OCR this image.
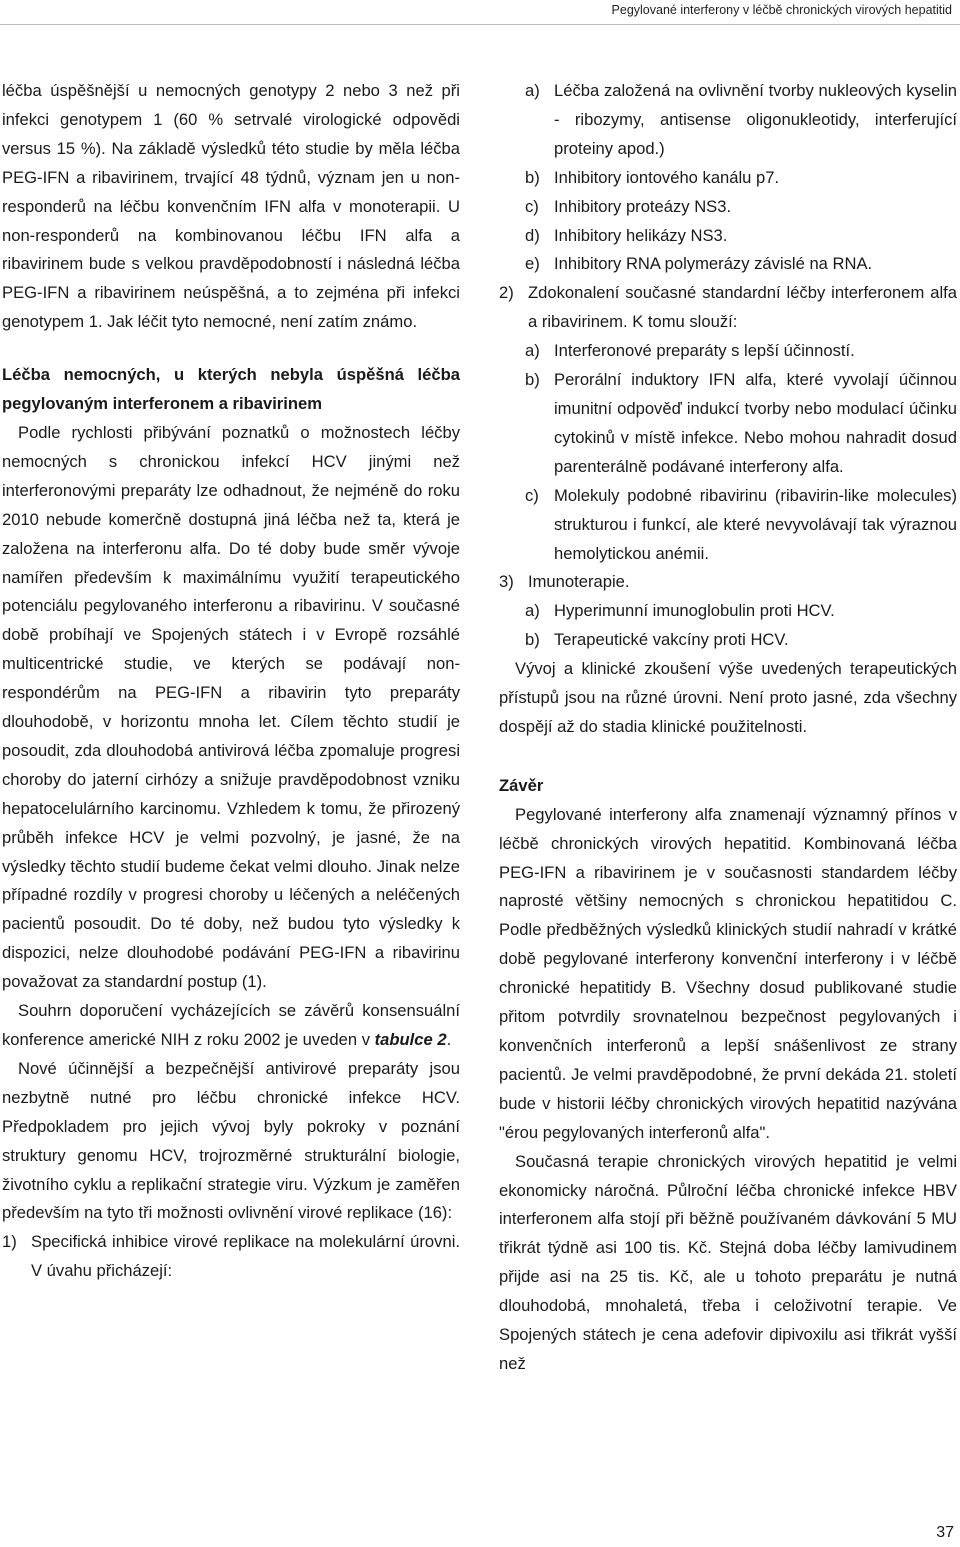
Pegylované interferony v léčbě chronických virových hepatitid

léčba úspěšnější u nemocných genotypy 2 nebo 3 než při infekci genotypem 1 (60 % setrvalé virologické odpovědi versus 15 %). Na základě výsledků této studie by měla léčba PEG-IFN a ribavirinem, trvající 48 týdnů, význam jen u non-responderů na léčbu konvenčním IFN alfa v monoterapii. U non-responderů na kombinovanou léčbu IFN alfa a ribavirinem bude s velkou pravděpodobností i následná léčba PEG-IFN a ribavirinem neúspěšná, a to zejména při infekci genotypem 1. Jak léčit tyto nemocné, není zatím známo.

Léčba nemocných, u kterých nebyla úspěšná léčba pegylovaným interferonem a ribavirinem

Podle rychlosti přibývání poznatků o možnostech léčby nemocných s chronickou infekcí HCV jinými než interferonovými preparáty lze odhadnout, že nejméně do roku 2010 nebude komerčně dostupná jiná léčba než ta, která je založena na interferonu alfa. Do té doby bude směr vývoje namířen především k maximálnímu využití terapeutického potenciálu pegylovaného interferonu a ribavirinu. V současné době probíhají ve Spojených státech i v Evropě rozsáhlé multicentrické studie, ve kterých se podávají non-respondérům na PEG-IFN a ribavirin tyto preparáty dlouhodobě, v horizontu mnoha let. Cílem těchto studií je posoudit, zda dlouhodobá antivirová léčba zpomaluje progresi choroby do jaterní cirhózy a snižuje pravděpodobnost vzniku hepatocelulárního karcinomu. Vzhledem k tomu, že přirozený průběh infekce HCV je velmi pozvolný, je jasné, že na výsledky těchto studií budeme čekat velmi dlouho. Jinak nelze případné rozdíly v progresi choroby u léčených a neléčených pacientů posoudit. Do té doby, než budou tyto výsledky k dispozici, nelze dlouhodobé podávání PEG-IFN a ribavirinu považovat za standardní postup (1).

Souhrn doporučení vycházejících se závěrů konsensuální konference americké NIH z roku 2002 je uveden v tabulce 2.

Nové účinnější a bezpečnější antivirové preparáty jsou nezbytně nutné pro léčbu chronické infekce HCV. Předpokladem pro jejich vývoj byly pokroky v poznání struktury genomu HCV, trojrozměrné strukturální biologie, životního cyklu a replikační strategie viru. Výzkum je zaměřen především na tyto tři možnosti ovlivnění virové replikace (16):

1) Specifická inhibice virové replikace na molekulární úrovni. V úvahu přicházejí:
a) Léčba založená na ovlivnění tvorby nukleových kyselin - ribozymy, antisense oligonukleotidy, interferující proteiny apod.)
b) Inhibitory iontového kanálu p7.
c) Inhibitory proteázy NS3.
d) Inhibitory helikázy NS3.
e) Inhibitory RNA polymerázy závislé na RNA.
2) Zdokonalení současné standardní léčby interferonem alfa a ribavirinem. K tomu slouží:
a) Interferonové preparáty s lepší účinností.
b) Perorální induktory IFN alfa, které vyvolají účinnou imunitní odpověď indukcí tvorby nebo modulací účinku cytokinů v místě infekce. Nebo mohou nahradit dosud parenterálně podávané interferony alfa.
c) Molekuly podobné ribavirinu (ribavirin-like molecules) strukturou i funkcí, ale které nevyvolávají tak výraznou hemolytickou anémii.
3) Imunoterapie.
a) Hyperimunní imunoglobulin proti HCV.
b) Terapeutické vakcíny proti HCV.

Vývoj a klinické zkoušení výše uvedených terapeutických přístupů jsou na různé úrovni. Není proto jasné, zda všechny dospějí až do stadia klinické použitelnosti.

Závěr

Pegylované interferony alfa znamenají významný přínos v léčbě chronických virových hepatitid. Kombinovaná léčba PEG-IFN a ribavirinem je v současnosti standardem léčby naprosté většiny nemocných s chronickou hepatitidou C. Podle předběžných výsledků klinických studií nahradí v krátké době pegylované interferony konvenční interferony i v léčbě chronické hepatitidy B. Všechny dosud publikované studie přitom potvrdily srovnatelnou bezpečnost pegylovaných i konvenčních interferonů a lepší snášenlivost ze strany pacientů. Je velmi pravděpodobné, že první dekáda 21. století bude v historii léčby chronických virových hepatitid nazývána "érou pegylovaných interferonů alfa".

Současná terapie chronických virových hepatitid je velmi ekonomicky náročná. Půlroční léčba chronické infekce HBV interferonem alfa stojí při běžně používaném dávkování 5 MU třikrát týdně asi 100 tis. Kč. Stejná doba léčby lamivudinem přijde asi na 25 tis. Kč, ale u tohoto preparátu je nutná dlouhodobá, mnohaletá, třeba i celoživotní terapie. Ve Spojených státech je cena adefovir dipivoxilu asi třikrát vyšší než

37
